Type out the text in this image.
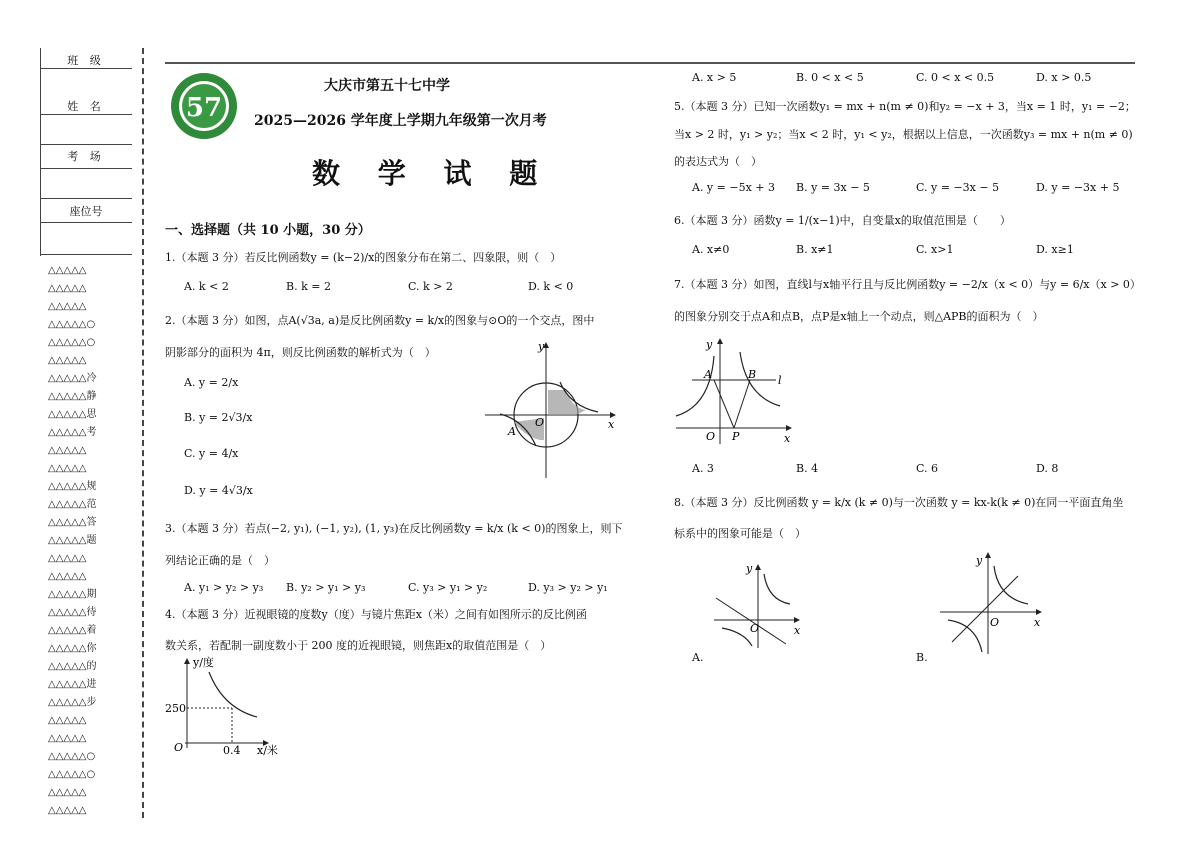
班 级
姓 名
考 场
座位号
△△△△△
△△△△△
△△△△△
△△△△△○
△△△△△○
△△△△△
△△△△△冷
△△△△△静
△△△△△思
△△△△△考
△△△△△
△△△△△
△△△△△规
△△△△△范
△△△△△答
△△△△△题
△△△△△
△△△△△
△△△△△期
△△△△△待
△△△△△着
△△△△△你
△△△△△的
△△△△△进
△△△△△步
△△△△△
△△△△△
△△△△△○
△△△△△○
△△△△△
△△△△△
57
大庆市第五十七中学
2025—2026 学年度上学期九年级第一次月考
数 学 试 题
一、选择题（共 10 小题，30 分）
1.（本题 3 分）若反比例函数y = (k−2)/x的图象分布在第二、四象限，则（　）
A. k < 2	B. k = 2	C. k > 2	D. k < 0
2.（本题 3 分）如图，点A(√3a, a)是反比例函数y = k/x的图象与⊙O的一个交点，图中
阴影部分的面积为 4π，则反比例函数的解析式为（　）
A. y = 2/x
B. y = 2√3/x
C. y = 4/x
D. y = 4√3/x
y
x
O
A
3.（本题 3 分）若点(−2, y₁), (−1, y₂), (1, y₃)在反比例函数y = k/x (k < 0)的图象上，则下
列结论正确的是（　）
A. y₁ > y₂ > y₃ B. y₂ > y₁ > y₃	C. y₃ > y₁ > y₂	D. y₃ > y₂ > y₁
4.（本题 3 分）近视眼镜的度数y（度）与镜片焦距x（米）之间有如图所示的反比例函
数关系，若配制一副度数小于 200 度的近视眼镜，则焦距x的取值范围是（　）
y/度
x/米
O
250
0.4
A. x > 5	B. 0 < x < 5	C. 0 < x < 0.5	D. x > 0.5
5.（本题 3 分）已知一次函数y₁ = mx + n(m ≠ 0)和y₂ = −x + 3，当x = 1 时，y₁ = −2；
当x > 2 时，y₁ > y₂；当x < 2 时，y₁ < y₂，根据以上信息，一次函数y₃ = mx + n(m ≠ 0)
的表达式为（　）
A. y = −5x + 3 B. y = 3x − 5	C. y = −3x − 5	D. y = −3x + 5
6.（本题 3 分）函数y = 1/(x−1)中，自变量x的取值范围是（　　）
A. x≠0	B. x≠1	C. x>1	D. x≥1
7.（本题 3 分）如图，直线l与x轴平行且与反比例函数y = −2/x（x < 0）与y = 6/x（x > 0）
的图象分别交于点A和点B，点P是x轴上一个动点，则△APB的面积为（　）
y
x
O
A	B
P
l
A. 3	B. 4	C. 6	D. 8
8.（本题 3 分）反比例函数 y = k/x (k ≠ 0)与一次函数 y = kx-k(k ≠ 0)在同一平面直角坐
标系中的图象可能是（　）
y
x
O
A.
y
x
O
B.
